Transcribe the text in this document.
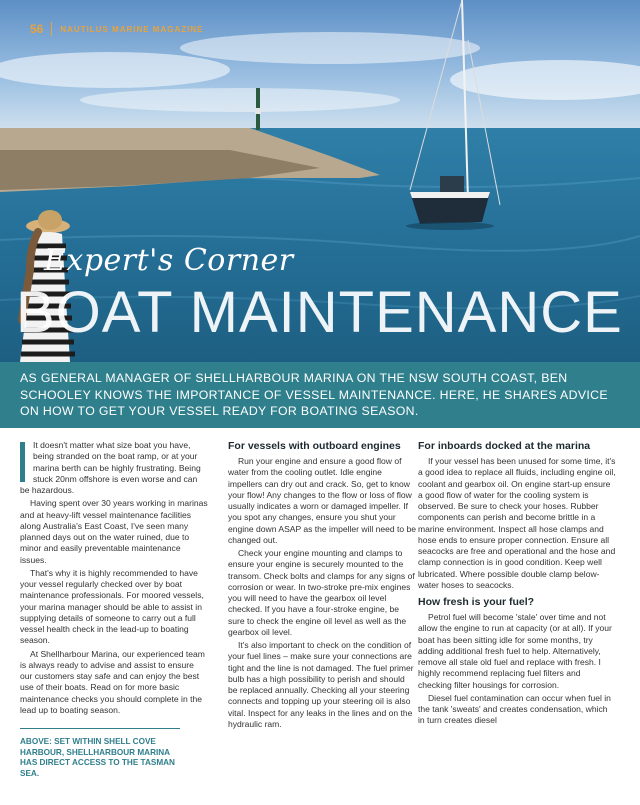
56 NAUTILUS MARINE MAGAZINE
Expert's Corner
BOAT MAINTENANCE

AS GENERAL MANAGER OF SHELLHARBOUR MARINA ON THE NSW SOUTH COAST, BEN SCHOOLEY KNOWS THE IMPORTANCE OF VESSEL MAINTENANCE. HERE, HE SHARES ADVICE ON HOW TO GET YOUR VESSEL READY FOR BOATING SEASON.

It doesn't matter what size boat you have, being stranded on the boat ramp, or at your marina berth can be highly frustrating. Being stuck 20nm offshore is even worse and can be hazardous.

Having spent over 30 years working in marinas and at heavy-lift vessel maintenance facilities along Australia's East Coast, I've seen many planned days out on the water ruined, due to minor and easily preventable maintenance issues.

That's why it is highly recommended to have your vessel regularly checked over by boat maintenance professionals. For moored vessels, your marina manager should be able to assist in supplying details of someone to carry out a full vessel health check in the lead-up to boating season.

At Shellharbour Marina, our experienced team is always ready to advise and assist to ensure our customers stay safe and can enjoy the best use of their boats. Read on for more basic maintenance checks you should complete in the lead up to boating season.

ABOVE: SET WITHIN SHELL COVE HARBOUR, SHELLHARBOUR MARINA HAS DIRECT ACCESS TO THE TASMAN SEA.
For vessels with outboard engines

Run your engine and ensure a good flow of water from the cooling outlet. Idle engine impellers can dry out and crack. So, get to know your flow! Any changes to the flow or loss of flow usually indicates a worn or damaged impeller. If you spot any changes, ensure you shut your engine down ASAP as the impeller will need to be changed out.

Check your engine mounting and clamps to ensure your engine is securely mounted to the transom. Check bolts and clamps for any signs of corrosion or wear. In two-stroke pre-mix engines you will need to have the gearbox oil level checked. If you have a four-stroke engine, be sure to check the engine oil level as well as the gearbox oil level.

It's also important to check on the condition of your fuel lines – make sure your connections are tight and the line is not damaged. The fuel primer bulb has a high possibility to perish and should be replaced annually. Checking all your steering connects and topping up your steering oil is also vital. Inspect for any leaks in the lines and on the hydraulic ram.

For inboards docked at the marina

If your vessel has been unused for some time, it's a good idea to replace all fluids, including engine oil, coolant and gearbox oil. On engine start-up ensure a good flow of water for the cooling system is observed. Be sure to check your hoses. Rubber components can perish and become brittle in a marine environment. Inspect all hose clamps and hose ends to ensure proper connection. Ensure all seacocks are free and operational and the hose and clamp connection is in good condition. Keep well lubricated. Where possible double clamp below-water hoses to seacocks.

How fresh is your fuel?

Petrol fuel will become 'stale' over time and not allow the engine to run at capacity (or at all). If your boat has been sitting idle for some months, try adding additional fresh fuel to help. Alternatively, remove all stale old fuel and replace with fresh. I highly recommend replacing fuel filters and checking filter housings for corrosion.

Diesel fuel contamination can occur when fuel in the tank 'sweats' and creates condensation, which in turn creates diesel
